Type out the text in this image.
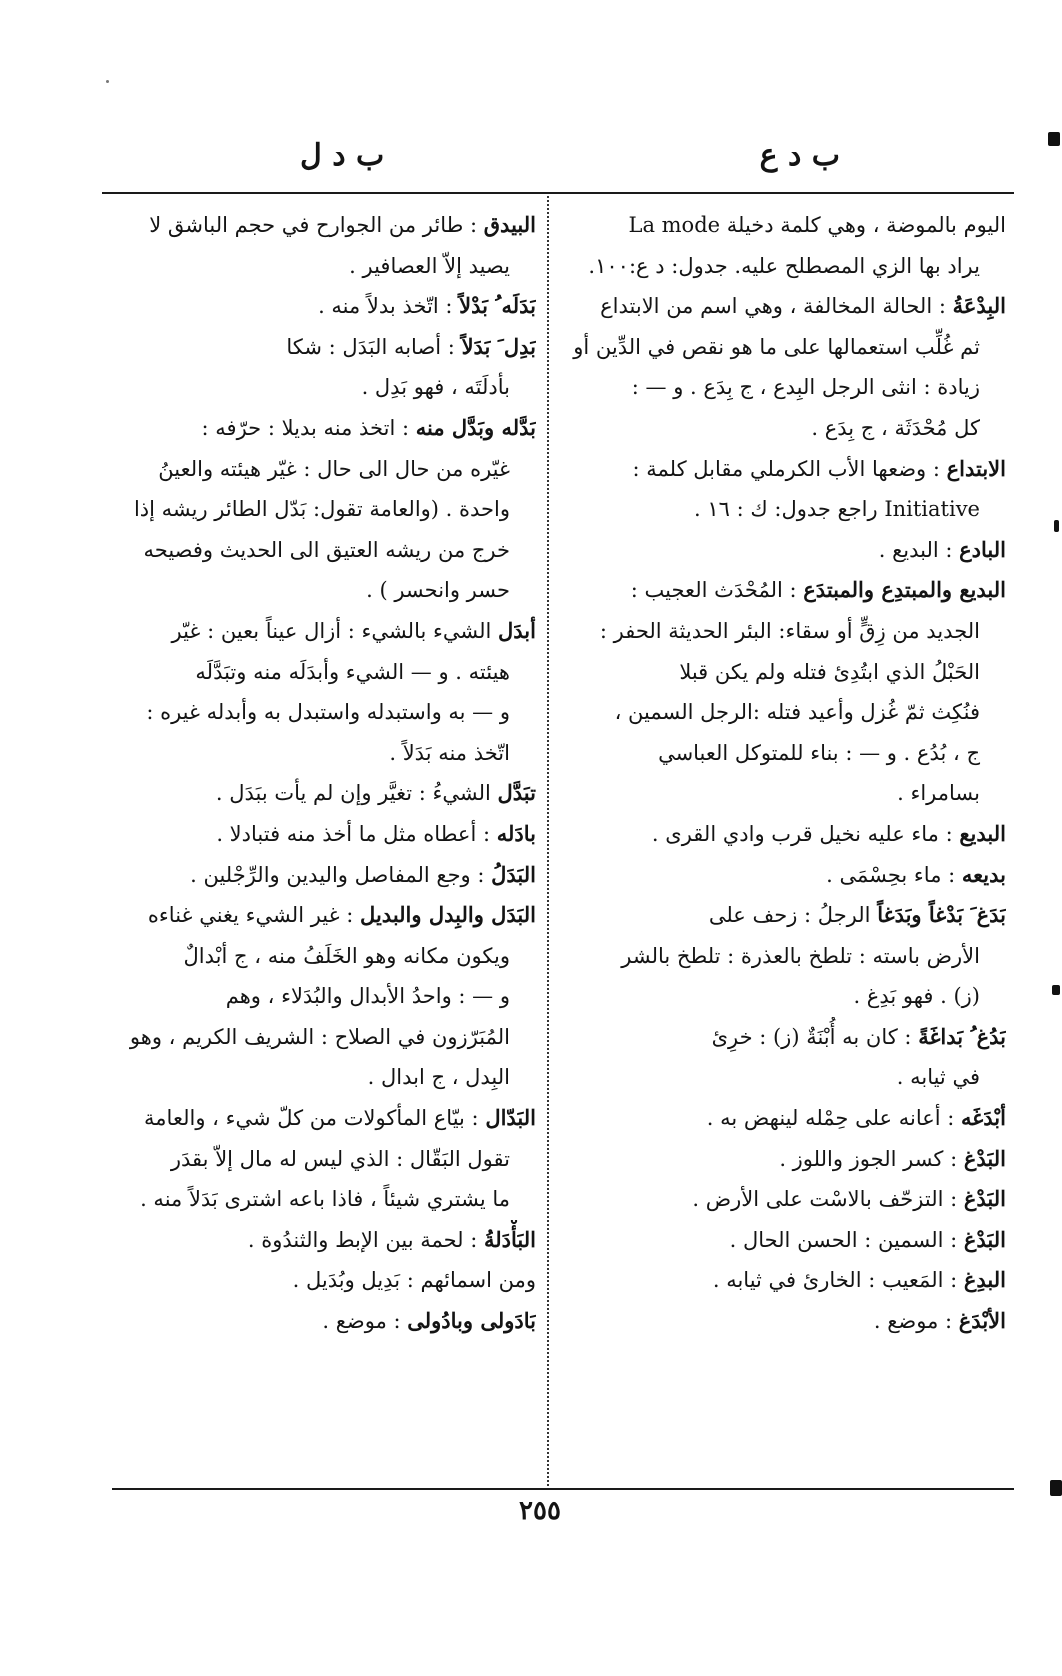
ب د ع
ب د ل
اليوم بالموضة ، وهي كلمة دخيلة La mode
يراد بها الزي المصطلح عليه. جدول: د ع:١٠٠.
البِدْعَةُ : الحالة المخالفة ، وهي اسم من الابتداع
ثم غُلِّب استعمالها على ما هو نقص في الدِّين أو
زيادة : انثى الرجل البِدع ، ج بِدَع . و — :
كل مُحْدَثَة ، ج بِدَع .
الابتداع : وضعها الأب الكرملي مقابل كلمة :
Initiative راجع جدول: ك : ١٦ .
البادع : البديع .
البديع والمبتدِع والمبتدَع : المُحْدَث العجيب :
الجديد من زِقٍّ أو سقاء: البئر الحديثة الحفر :
الحَبْلُ الذي ابتُدِئ فتله ولم يكن قبلا
فنُكِث ثمّ غُزل وأعيد فتله :الرجل السمين ،
ج ، بُدُع . و — : بناء للمتوكل العباسي
بسامراء .
البديع : ماء عليه نخيل قرب وادي القرى .
بديعه : ماء بحِسْمَى .
بَدَغ َ بَدْغاً وبَدَغاً الرجلُ : زحف على
الأرض باسته : تلطخ بالعذرة : تلطخ بالشر
(ز) . فهو بَدِغ .
بَدُغ ُ بَداغَةً : كان به أُبْنَةٌ (ز) : خرِئ
في ثيابه .
أبْدَغَه : أعانه على حِمْله لينهض به .
البَدْغ : كسر الجوز واللوز .
البَدْغ : التزحّف بالاسْت على الأرض .
البَدْغ : السمين : الحسن الحال .
البدِغ : المَعيب : الخارئ في ثيابه .
الأبْدَغ : موضع .
البيدق : طائر من الجوارح في حجم الباشق لا
يصيد إلاّ العصافير .
بَدَلَه ُ بَدْلاً : اتّخذ بدلاً منه .
بَدِل َ بَدَلاً : أصابه البَدَل : شكا
بأدلَتَه ، فهو بَدِل .
بَدَّله وبَدَّل منه : اتخذ منه بديلا : حرّفه :
غيّره من حال الى حال : غيّر هيئته والعينُ
واحدة . (والعامة تقول: بَدّل الطائر ريشه إذا
خرج من ريشه العتيق الى الحديث وفصيحه
حسر وانحسر ) .
أبدَل الشيء بالشيء : أزال عيناً بعين : غيّر
هيئته . و — الشيء وأبدَلَه منه وتبَدَّلَه
و — به واستبدله واستبدل به وأبدله غيره :
اتّخذ منه بَدَلاً .
تبَدَّل الشيءُ : تغيَّر وإن لم يأت ببَدَل .
بادَله : أعطاه مثل ما أخذ منه فتبادلا .
البَدَلُ : وجع المفاصل واليدين والرِّجْلين .
البَدَل والبِدل والبديل : غير الشيء يغني غناءه
ويكون مكانه وهو الخَلَفُ منه ، ج أبْدالٌ
و — : واحدُ الأبدال والبُدَلاء ، وهم
المُبَرّزون في الصلاح : الشريف الكريم ، وهو
البِدل ، ج ابدال .
البَدّال : بيّاع المأكولات من كلّ شيء ، والعامة
تقول البَقّال : الذي ليس له مال إلاّ بقدَر
ما يشتري شيئاً ، فاذا باعه اشترى بَدَلاً منه .
البَأْدَلةُ : لحمة بين الإبط والثندُوة .
ومن اسمائهم : بَدِيل وبُدَيل .
بَادَولى وبادُولى : موضع .
٢٥٥
